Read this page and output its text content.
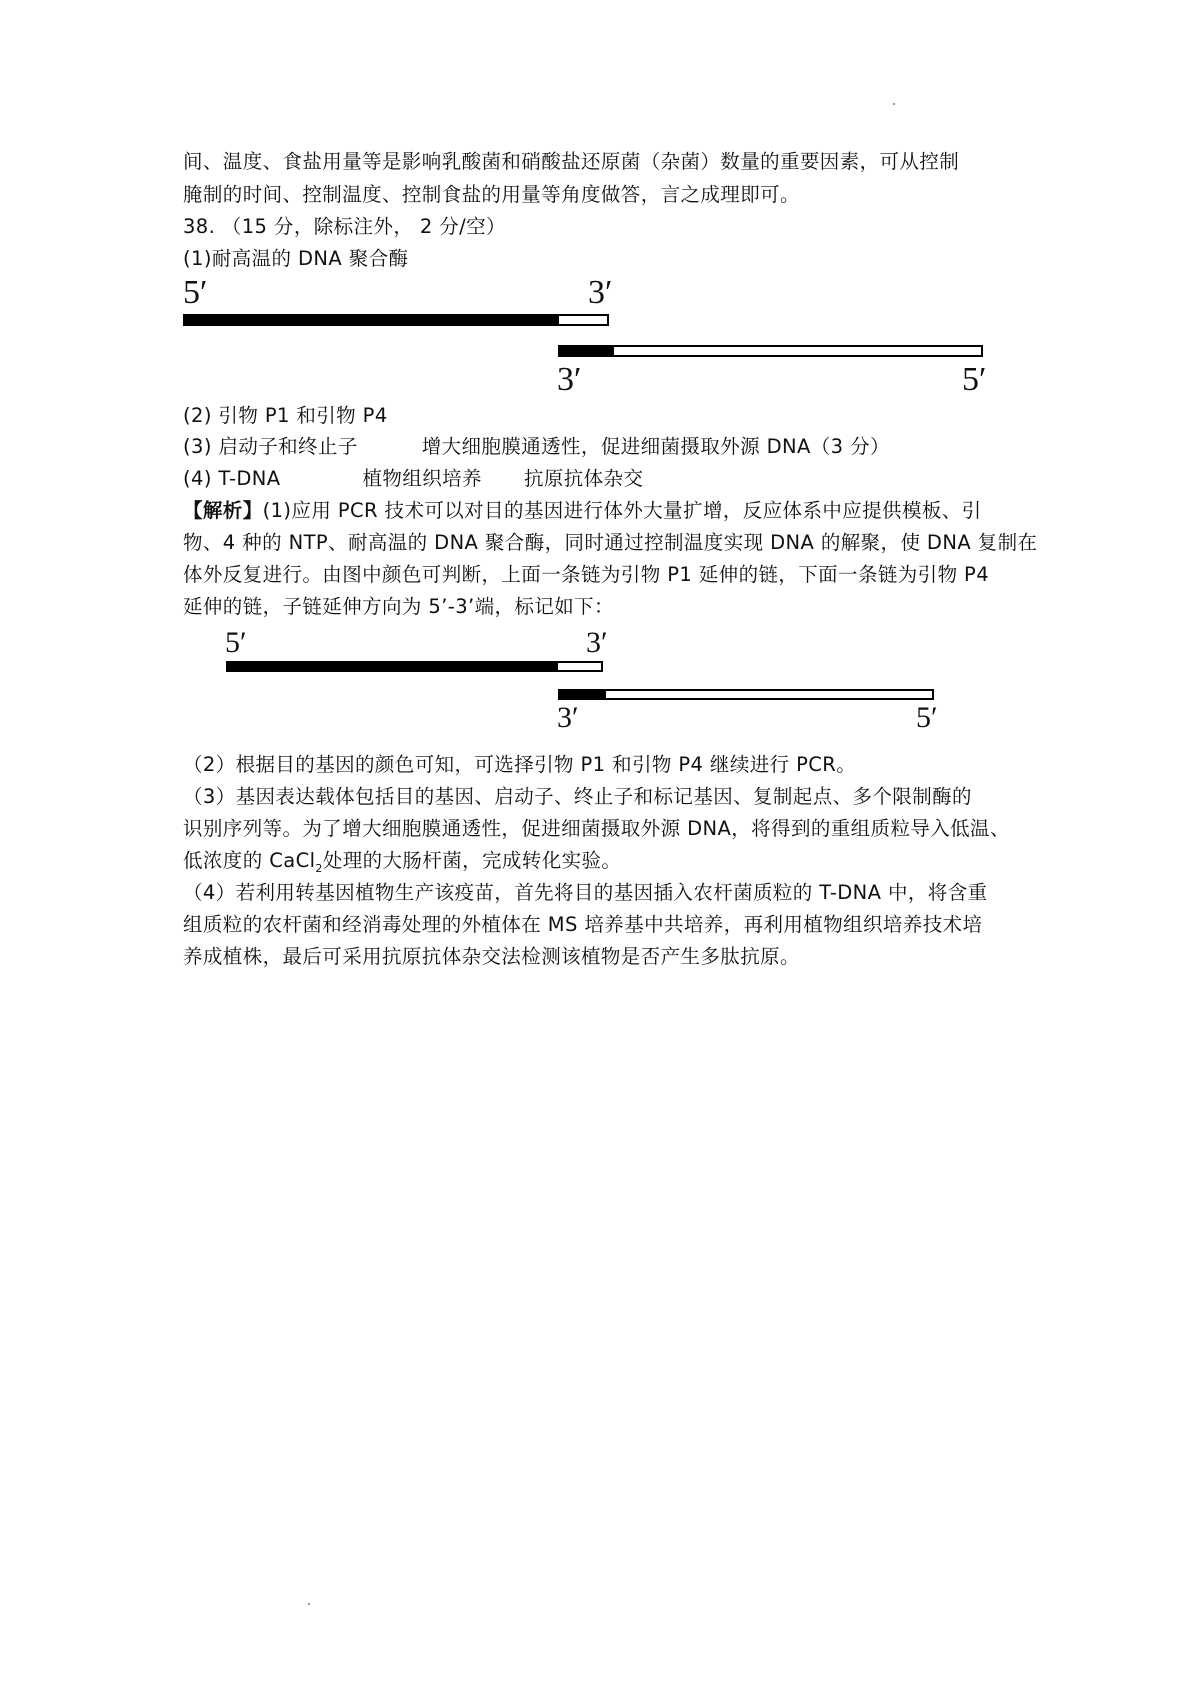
间、温度、食盐用量等是影响乳酸菌和硝酸盐还原菌（杂菌）数量的重要因素，可从控制
腌制的时间、控制温度、控制食盐的用量等角度做答，言之成理即可。
38. （15 分，除标注外， 2 分/空）
(1)耐高温的 DNA 聚合酶
5′	3′
3′	5′
(2) 引物 P1 和引物 P4
(3) 启动子和终止子	增大细胞膜通透性，促进细菌摄取外源 DNA（3 分）
(4) T-DNA	植物组织培养 抗原抗体杂交
【解析】(1)应用 PCR 技术可以对目的基因进行体外大量扩增，反应体系中应提供模板、引
物、4 种的 NTP、耐高温的 DNA 聚合酶，同时通过控制温度实现 DNA 的解聚，使 DNA 复制在
体外反复进行。由图中颜色可判断，上面一条链为引物 P1 延伸的链，下面一条链为引物 P4
延伸的链，子链延伸方向为 5’-3’端，标记如下：
5′	3′
3′	5′
（2）根据目的基因的颜色可知，可选择引物 P1 和引物 P4 继续进行 PCR。
（3）基因表达载体包括目的基因、启动子、终止子和标记基因、复制起点、多个限制酶的
识别序列等。为了增大细胞膜通透性，促进细菌摄取外源 DNA，将得到的重组质粒导入低温、
低浓度的 CaCl$_2$处理的大肠杆菌，完成转化实验。
（4）若利用转基因植物生产该疫苗，首先将目的基因插入农杆菌质粒的 T-DNA 中，将含重
组质粒的农杆菌和经消毒处理的外植体在 MS 培养基中共培养，再利用植物组织培养技术培
养成植株，最后可采用抗原抗体杂交法检测该植物是否产生多肽抗原。
